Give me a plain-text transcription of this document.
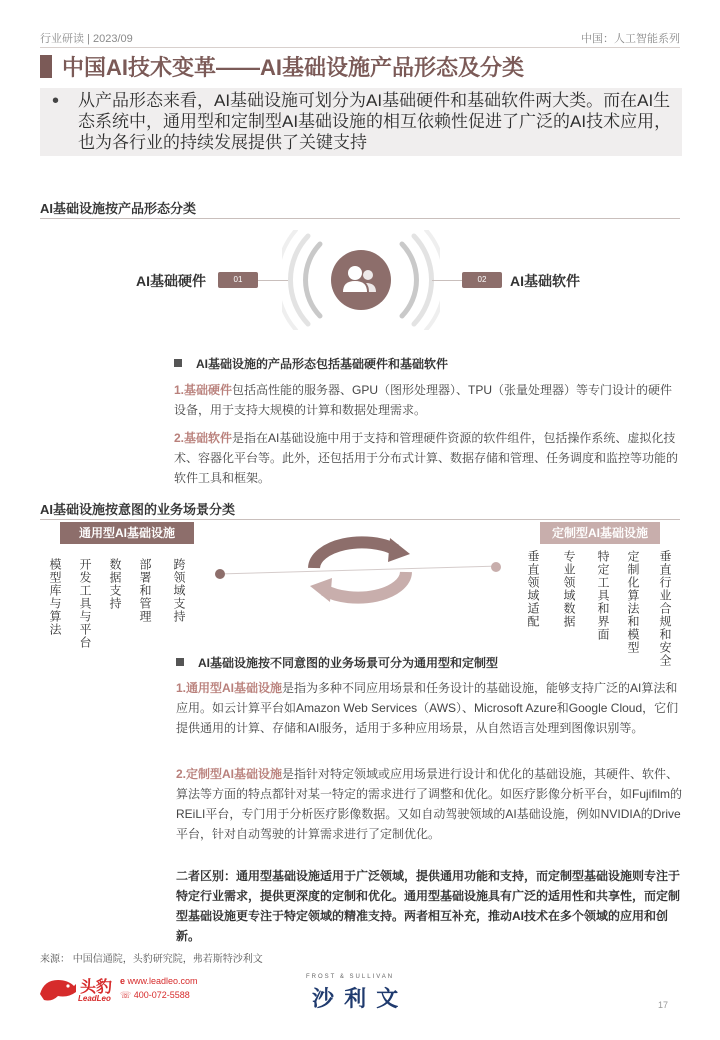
行业研读 | 2023/09	中国：人工智能系列
中国AI技术变革——AI基础设施产品形态及分类
• 从产品形态来看，AI基础设施可划分为AI基础硬件和基础软件两大类。而在AI生态系统中，通用型和定制型AI基础设施的相互依赖性促进了广泛的AI技术应用，也为各行业的持续发展提供了关键支持
AI基础设施按产品形态分类
AI基础硬件	01	02	AI基础软件
AI基础设施的产品形态包括基础硬件和基础软件
1.基础硬件包括高性能的服务器、GPU（图形处理器）、TPU（张量处理器）等专门设计的硬件设备，用于支持大规模的计算和数据处理需求。
2.基础软件是指在AI基础设施中用于支持和管理硬件资源的软件组件，包括操作系统、虚拟化技术、容器化平台等。此外，还包括用于分布式计算、数据存储和管理、任务调度和监控等功能的软件工具和框架。
AI基础设施按意图的业务场景分类
通用型AI基础设施	定制型AI基础设施
模型库与算法 开发工具与平台 数据支持 部署和管理 跨领域支持	垂直领域适配 专业领域数据 特定工具和界面 定制化算法和模型 垂直行业合规和安全
AI基础设施按不同意图的业务场景可分为通用型和定制型
1.通用型AI基础设施是指为多种不同应用场景和任务设计的基础设施，能够支持广泛的AI算法和应用。如云计算平台如Amazon Web Services（AWS）、Microsoft Azure和Google Cloud，它们提供通用的计算、存储和AI服务，适用于多种应用场景，从自然语言处理到图像识别等。
2.定制型AI基础设施是指针对特定领域或应用场景进行设计和优化的基础设施，其硬件、软件、算法等方面的特点都针对某一特定的需求进行了调整和优化。如医疗影像分析平台，如Fujifilm的REiLI平台，专门用于分析医疗影像数据。又如自动驾驶领域的AI基础设施，例如NVIDIA的Drive平台，针对自动驾驶的计算需求进行了定制优化。
二者区别：通用型基础设施适用于广泛领域，提供通用功能和支持，而定制型基础设施则专注于特定行业需求，提供更深度的定制和优化。通用型基础设施具有广泛的适用性和共享性，而定制型基础设施更专注于特定领域的精准支持。两者相互补充，推动AI技术在多个领域的应用和创新。
来源： 中国信通院，头豹研究院，弗若斯特沙利文
头豹
LeadLeo
e www.leadleo.com
☏ 400-072-5588
FROST & SULLIVAN
沙 利 文	17
